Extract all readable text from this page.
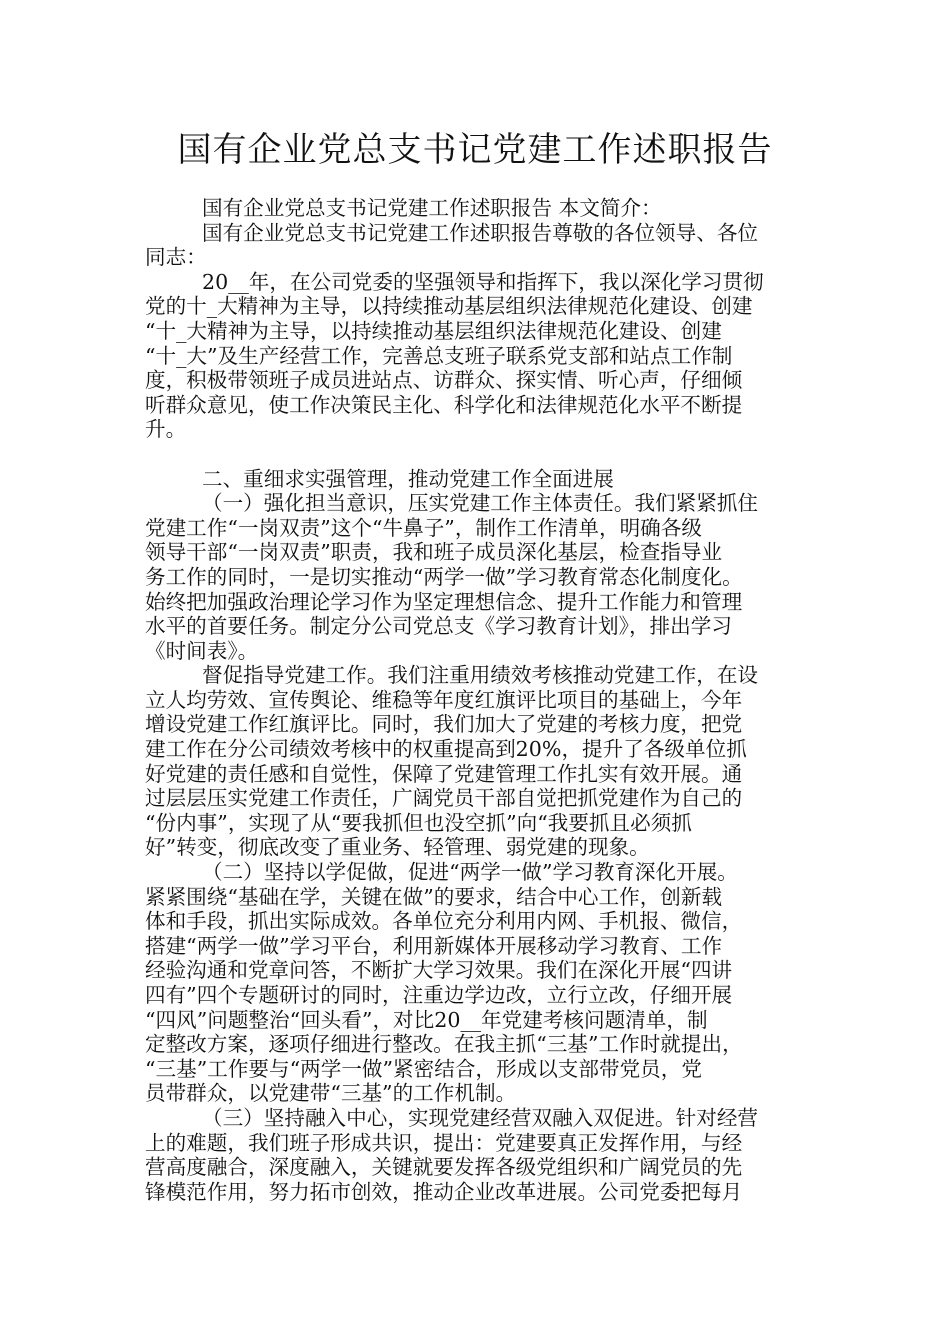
国有企业党总支书记党建工作述职报告
国有企业党总支书记党建工作述职报告 本文简介：
国有企业党总支书记党建工作述职报告尊敬的各位领导、各位
同志：
20__年，在公司党委的坚强领导和指挥下，我以深化学习贯彻
党的十_大精神为主导，以持续推动基层组织法律规范化建设、创建
“十_大精神为主导，以持续推动基层组织法律规范化建设、创建
“十_大”及生产经营工作，完善总支班子联系党支部和站点工作制
度，积极带领班子成员进站点、访群众、探实情、听心声，仔细倾
听群众意见，使工作决策民主化、科学化和法律规范化水平不断提
升。
二、重细求实强管理，推动党建工作全面进展
（一）强化担当意识，压实党建工作主体责任。我们紧紧抓住
党建工作“一岗双责”这个“牛鼻子”，制作工作清单，明确各级
领导干部“一岗双责”职责，我和班子成员深化基层，检查指导业
务工作的同时，一是切实推动“两学一做”学习教育常态化制度化。
始终把加强政治理论学习作为坚定理想信念、提升工作能力和管理
水平的首要任务。制定分公司党总支《学习教育计划》，排出学习
《时间表》。
督促指导党建工作。我们注重用绩效考核推动党建工作，在设
立人均劳效、宣传舆论、维稳等年度红旗评比项目的基础上，今年
增设党建工作红旗评比。同时，我们加大了党建的考核力度，把党
建工作在分公司绩效考核中的权重提高到20%，提升了各级单位抓
好党建的责任感和自觉性，保障了党建管理工作扎实有效开展。通
过层层压实党建工作责任，广阔党员干部自觉把抓党建作为自己的
“份内事”，实现了从“要我抓但也没空抓”向“我要抓且必须抓
好”转变，彻底改变了重业务、轻管理、弱党建的现象。
（二）坚持以学促做，促进“两学一做”学习教育深化开展。
紧紧围绕“基础在学，关键在做”的要求，结合中心工作，创新载
体和手段，抓出实际成效。各单位充分利用内网、手机报、微信，
搭建“两学一做”学习平台，利用新媒体开展移动学习教育、工作
经验沟通和党章问答，不断扩大学习效果。我们在深化开展“四讲
四有”四个专题研讨的同时，注重边学边改，立行立改，仔细开展
“四风”问题整治“回头看”，对比20__年党建考核问题清单，制
定整改方案，逐项仔细进行整改。在我主抓“三基”工作时就提出，
“三基”工作要与“两学一做”紧密结合，形成以支部带党员，党
员带群众，以党建带“三基”的工作机制。
（三）坚持融入中心，实现党建经营双融入双促进。针对经营
上的难题，我们班子形成共识，提出：党建要真正发挥作用，与经
营高度融合，深度融入，关键就要发挥各级党组织和广阔党员的先
锋模范作用，努力拓市创效，推动企业改革进展。公司党委把每月
